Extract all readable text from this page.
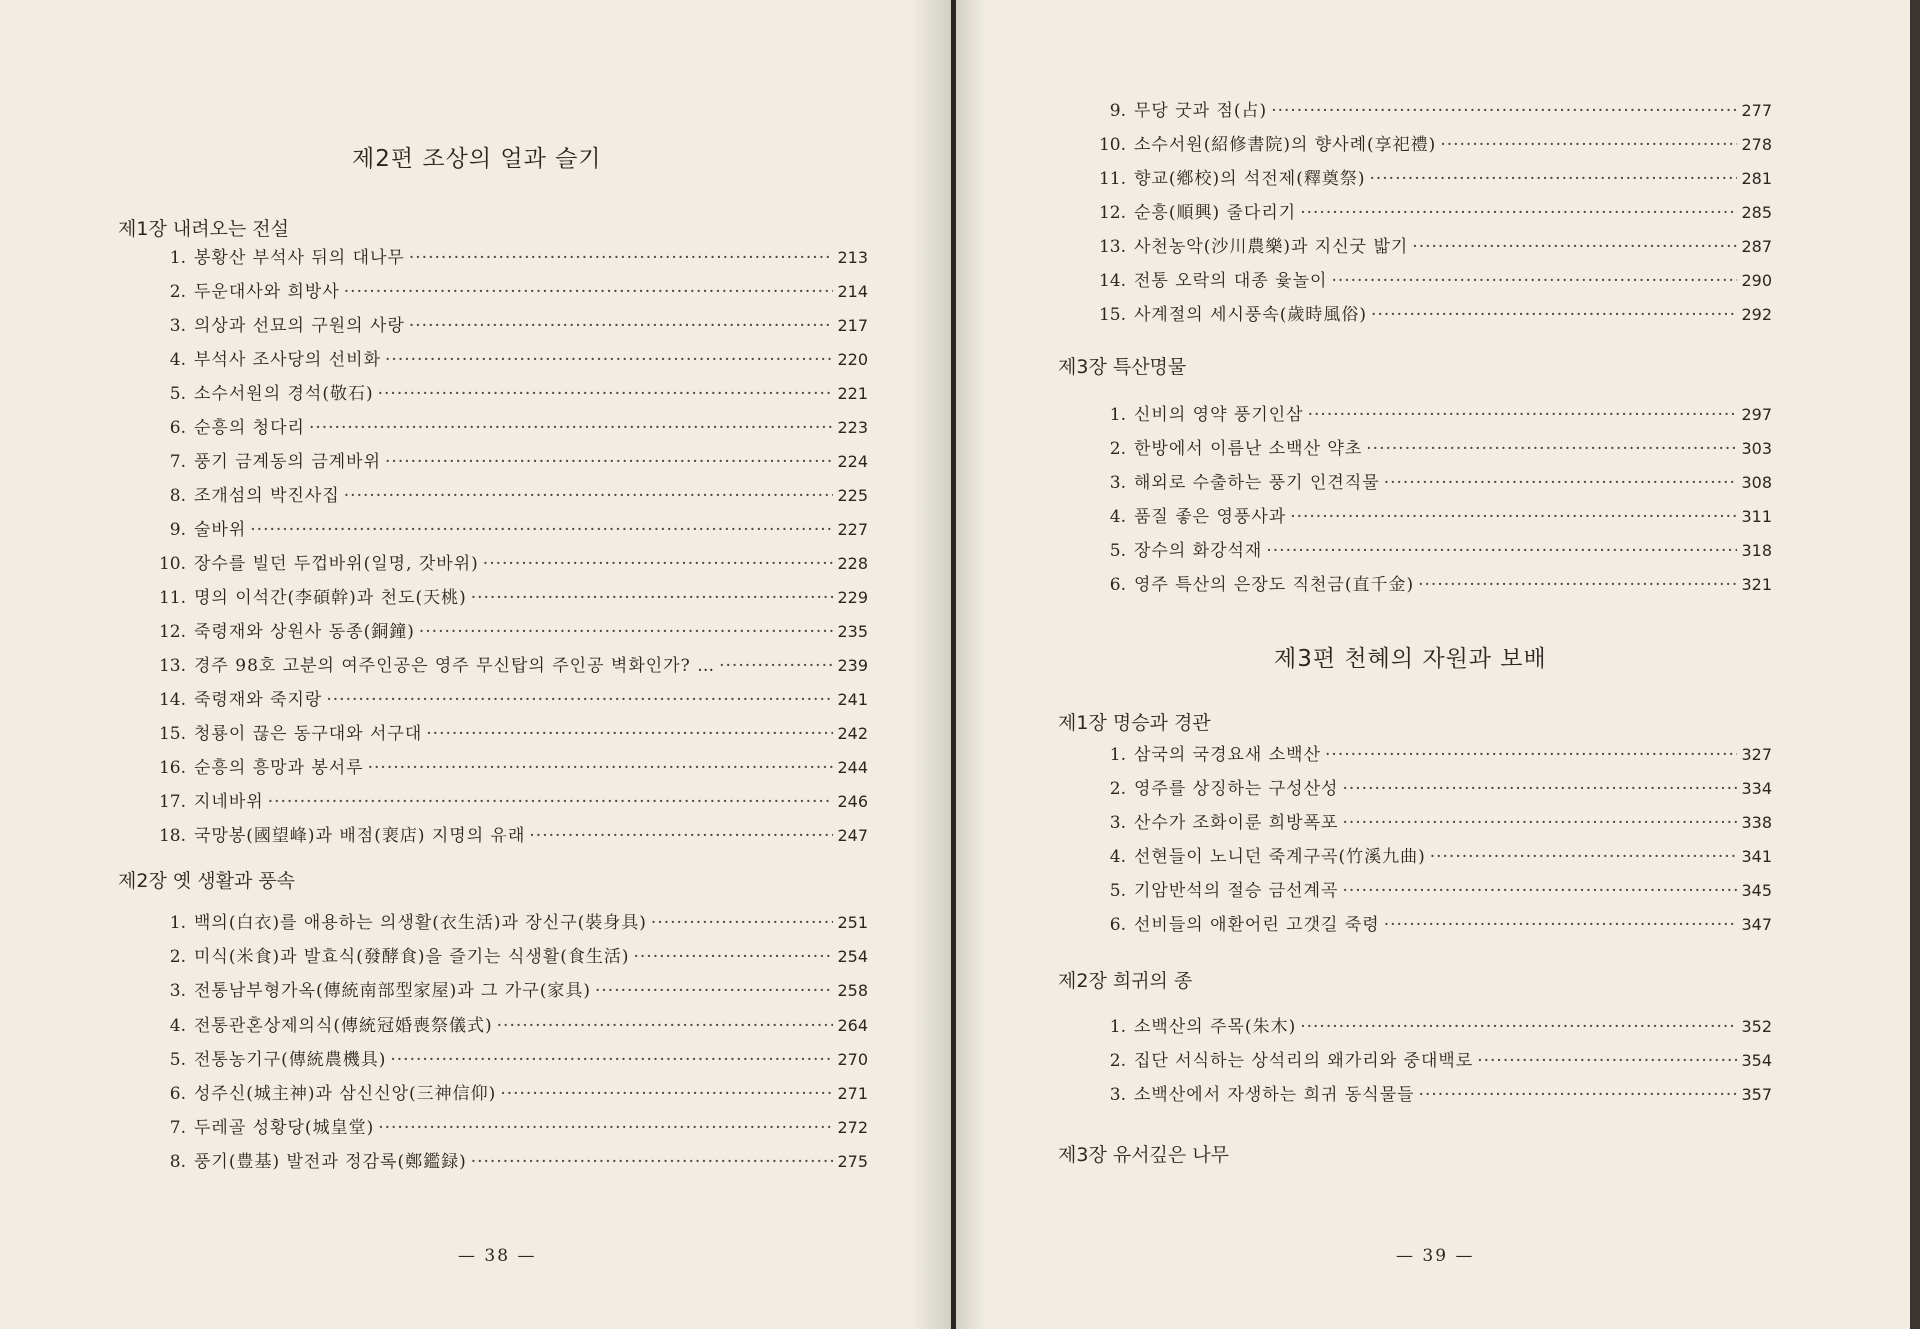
제2편 조상의 얼과 슬기
제1장 내려오는 전설
1. 봉황산 부석사 뒤의 대나무 ·····	213
2. 두운대사와 희방사 ·····	214
3. 의상과 선묘의 구원의 사랑 ·····	217
4. 부석사 조사당의 선비화 ·····	220
5. 소수서원의 경석(敬石) ·····	221
6. 순흥의 청다리 ·····	223
7. 풍기 금계동의 금계바위 ·····	224
8. 조개섬의 박진사집 ·····	225
9. 술바위 ·····	227
10. 장수를 빌던 두껍바위(일명, 갓바위) ·····	228
11. 명의 이석간(李碩幹)과 천도(天桃) ·····	229
12. 죽령재와 상원사 동종(銅鐘) ·····	235
13. 경주 98호 고분의 여주인공은 영주 무신탑의 주인공 벽화인가? … ·····	239
14. 죽령재와 죽지랑 ·····	241
15. 청룡이 끊은 동구대와 서구대 ·····	242
16. 순흥의 흥망과 봉서루 ·····	244
17. 지네바위 ·····	246
18. 국망봉(國望峰)과 배점(裵店) 지명의 유래 ·····	247
제2장 옛 생활과 풍속
1. 백의(白衣)를 애용하는 의생활(衣生活)과 장신구(裝身具) ·····	251
2. 미식(米食)과 발효식(發酵食)을 즐기는 식생활(食生活) ·····	254
3. 전통남부형가옥(傳統南部型家屋)과 그 가구(家具) ·····	258
4. 전통관혼상제의식(傳統冠婚喪祭儀式) ·····	264
5. 전통농기구(傳統農機具) ·····	270
6. 성주신(城主神)과 삼신신앙(三神信仰) ·····	271
7. 두레골 성황당(城皇堂) ·····	272
8. 풍기(豊基) 발전과 정감록(鄭鑑録) ·····	275
— 38 —
9. 무당 굿과 점(占) ·····	277
10. 소수서원(紹修書院)의 향사례(享祀禮) ·····	278
11. 향교(鄕校)의 석전제(釋奠祭) ·····	281
12. 순흥(順興) 줄다리기 ·····	285
13. 사천농악(沙川農樂)과 지신굿 밟기 ·····	287
14. 전통 오락의 대종 윷놀이 ·····	290
15. 사계절의 세시풍속(歲時風俗) ·····	292
제3장 특산명물
1. 신비의 영약 풍기인삼 ·····	297
2. 한방에서 이름난 소백산 약초 ·····	303
3. 해외로 수출하는 풍기 인견직물 ·····	308
4. 품질 좋은 영풍사과 ·····	311
5. 장수의 화강석재 ·····	318
6. 영주 특산의 은장도 직천금(直千金) ·····	321
제3편 천혜의 자원과 보배
제1장 명승과 경관
1. 삼국의 국경요새 소백산 ·····	327
2. 영주를 상징하는 구성산성 ·····	334
3. 산수가 조화이룬 희방폭포 ·····	338
4. 선현들이 노니던 죽계구곡(竹溪九曲) ·····	341
5. 기암반석의 절승 금선계곡 ·····	345
6. 선비들의 애환어린 고갯길 죽령 ·····	347
제2장 희귀의 종
1. 소백산의 주목(朱木) ·····	352
2. 집단 서식하는 상석리의 왜가리와 중대백로 ·····	354
3. 소백산에서 자생하는 희귀 동식물들 ·····	357
제3장 유서깊은 나무
— 39 —
